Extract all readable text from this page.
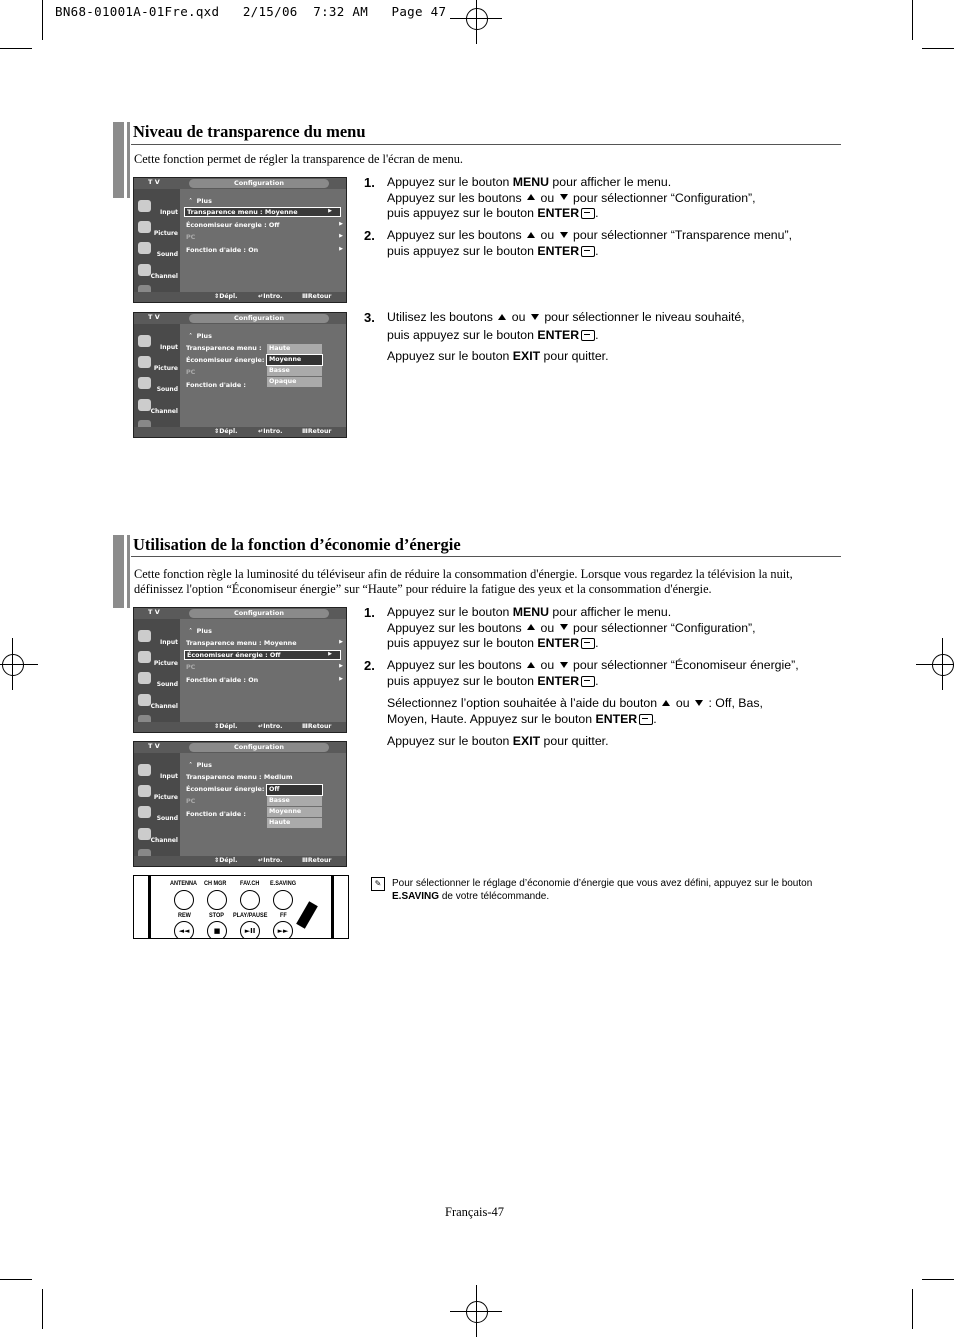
BN68-01001A-01Fre.qxd   2/15/06  7:32 AM   Page 47
Niveau de transparence du menu
Cette fonction permet de régler la transparence de l'écran de menu.
T V	Configuration
Input
Picture
Sound
Channel
˄  Plus
Transparence menu : Moyenne	▶
Économiseur énergie : Off	▶
PC	▶
Fonction d'aide : On	▶
⇕Dépl.	↵Intro.	ⅢRetour
T V	Configuration
Input
Picture
Sound
Channel
˄  Plus
Transparence menu :
Économiseur énergie:
PC
Fonction d'aide :
Haute
Moyenne
Basse
Opaque
⇕Dépl.	↵Intro.	ⅢRetour
1. Appuyez sur le bouton MENU pour afficher le menu.
Appuyez sur les boutons ou pour sélectionner “Configuration”,
puis appuyez sur le bouton ENTER .
2. Appuyez sur les boutons ou pour sélectionner “Transparence menu”,
puis appuyez sur le bouton ENTER .
3. Utilisez les boutons ou pour sélectionner le niveau souhaité,
puis appuyez sur le bouton ENTER .
Appuyez sur le bouton EXIT pour quitter.
Utilisation de la fonction d’économie d’énergie
Cette fonction règle la luminosité du téléviseur afin de réduire la consommation d'énergie. Lorsque vous regardez la télévision la nuit,
définissez l'option “Économiseur énergie” sur “Haute” pour réduire la fatigue des yeux et la consommation d'énergie.
T V	Configuration
Input
Picture
Sound
Channel
˄  Plus
Transparence menu : Moyenne	▶
Économiseur énergie : Off	▶
PC	▶
Fonction d'aide : On	▶
⇕Dépl.	↵Intro.	ⅢRetour
T V	Configuration
Input
Picture
Sound
Channel
˄  Plus
Transparence menu : Medium
Économiseur énergie:
PC
Fonction d'aide :
Off
Basse
Moyenne
Haute
⇕Dépl.	↵Intro.	ⅢRetour
1. Appuyez sur le bouton MENU pour afficher le menu.
Appuyez sur les boutons ou pour sélectionner “Configuration”,
puis appuyez sur le bouton ENTER .
2. Appuyez sur les boutons ou pour sélectionner “Économiseur énergie”,
puis appuyez sur le bouton ENTER .
Sélectionnez l’option souhaitée à l’aide du bouton ou : Off, Bas,
Moyen, Haute. Appuyez sur le bouton ENTER .
Appuyez sur le bouton EXIT pour quitter.
ANTENNA CH MGR FAV.CH E.SAVING
REW	STOP PLAY/PAUSE FF
◄◄	■	►II	►►
✎	Pour sélectionner le réglage d’économie d’énergie que vous avez défini, appuyez sur le bouton
E.SAVING de votre télécommande.
Français-47
